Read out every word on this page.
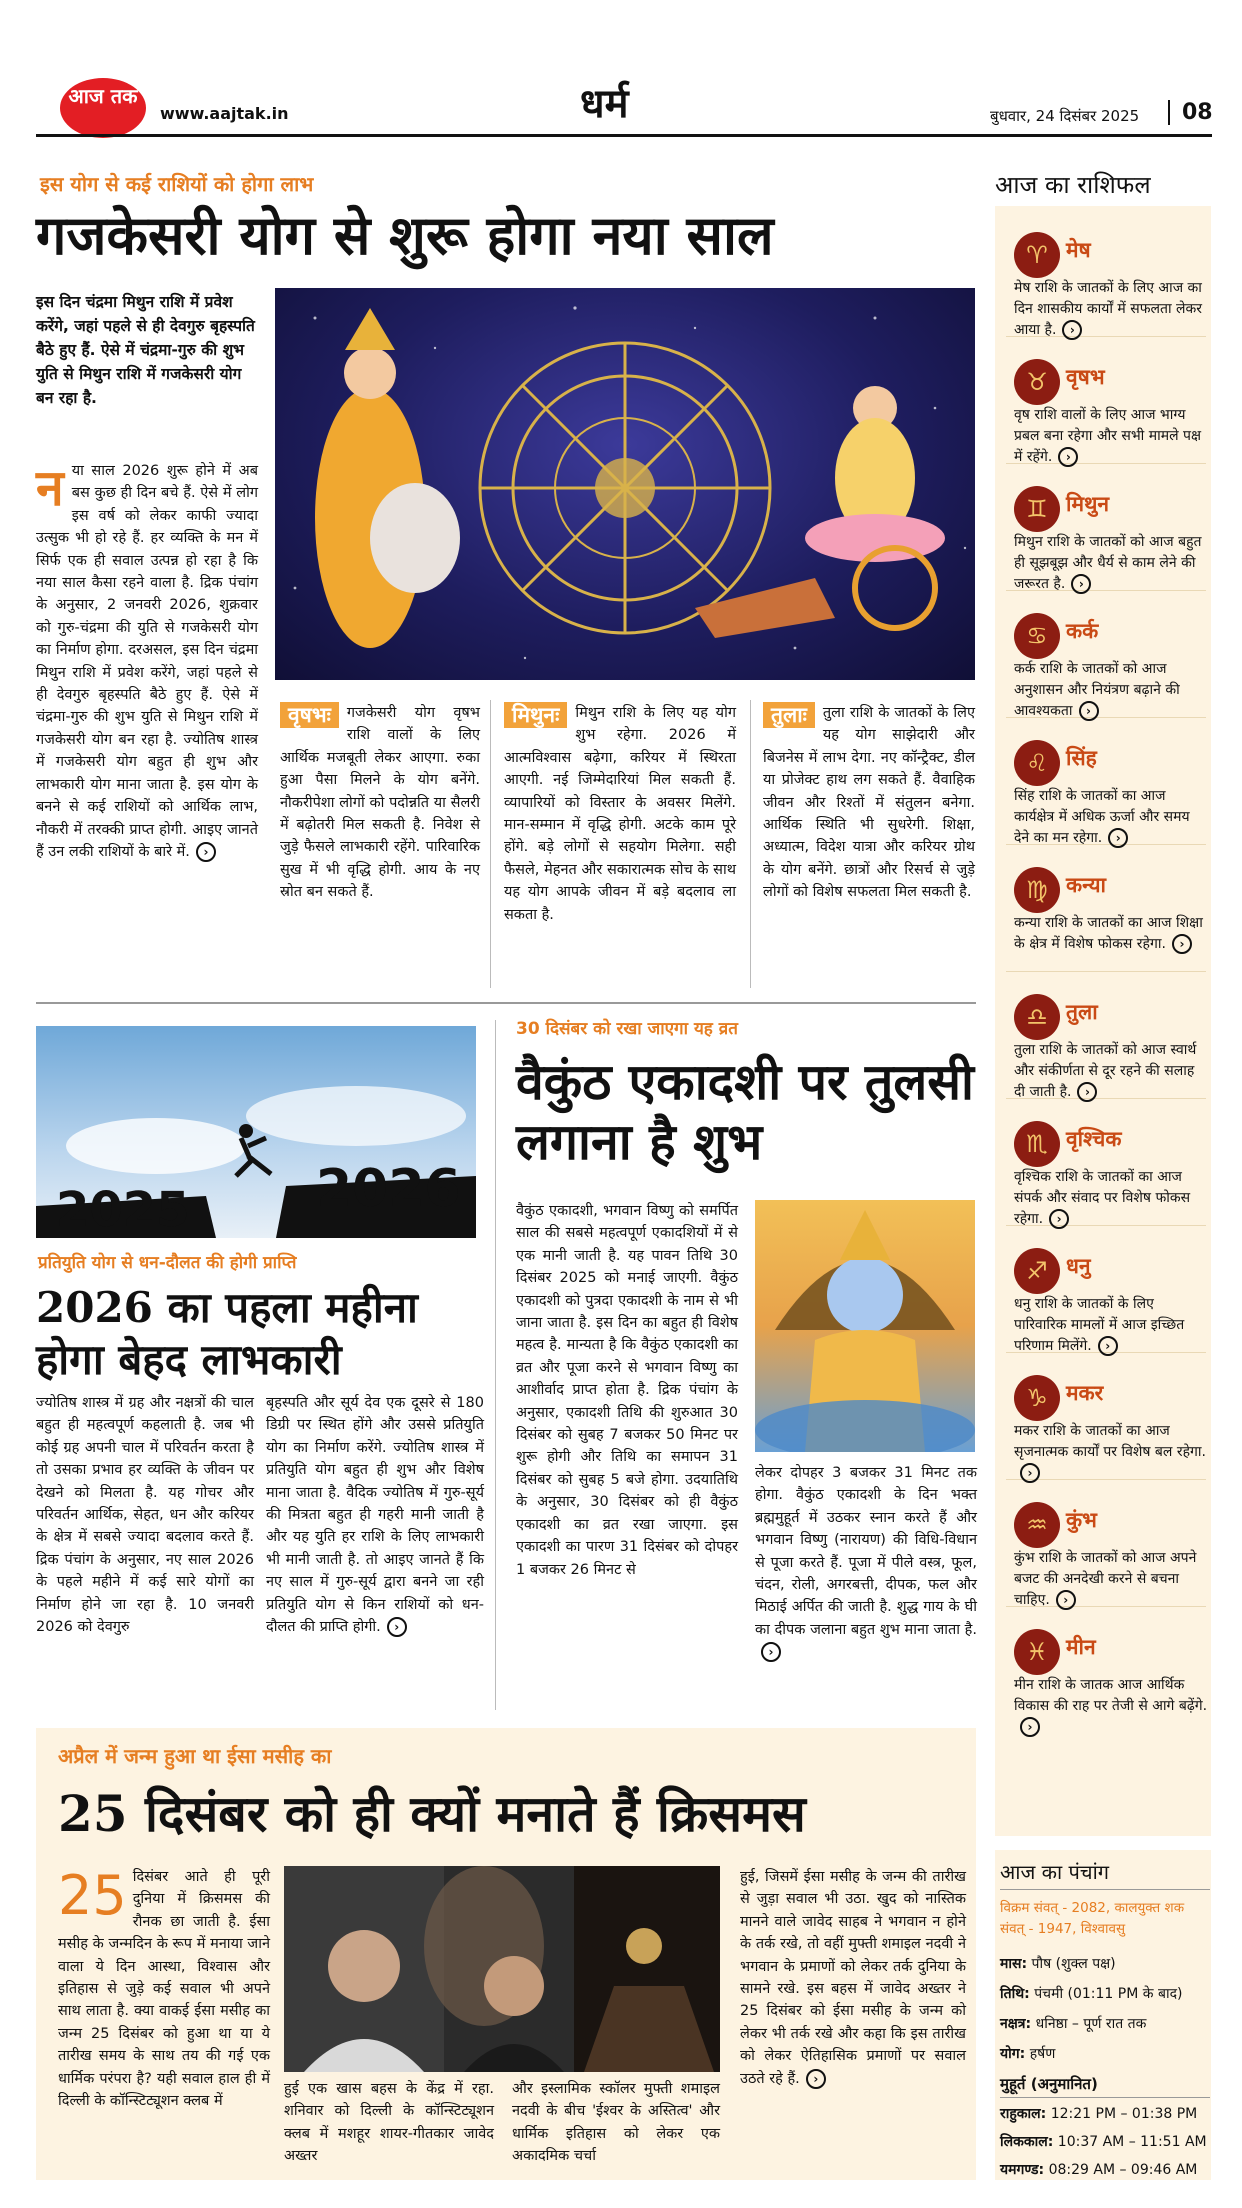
आज तक
www.aajtak.in	धर्म	बुधवार, 24 दिसंबर 2025	08
इस योग से कई राशियों को होगा लाभ
गजकेसरी योग से शुरू होगा नया साल
इस दिन चंद्रमा मिथुन राशि में प्रवेश करेंगे, जहां पहले से ही देवगुरु बृहस्पति बैठे हुए हैं. ऐसे में चंद्रमा-गुरु की शुभ युति से मिथुन राशि में गजकेसरी योग बन रहा है.
न या साल 2026 शुरू होने में अब बस कुछ ही दिन बचे हैं. ऐसे में लोग इस वर्ष को लेकर काफी ज्यादा उत्सुक भी हो रहे हैं. हर व्यक्ति के मन में सिर्फ एक ही सवाल उत्पन्न हो रहा है कि नया साल कैसा रहने वाला है. द्रिक पंचांग के अनुसार, 2 जनवरी 2026, शुक्रवार को गुरु-चंद्रमा की युति से गजकेसरी योग का निर्माण होगा. दरअसल, इस दिन चंद्रमा मिथुन राशि में प्रवेश करेंगे, जहां पहले से ही देवगुरु बृहस्पति बैठे हुए हैं. ऐसे में चंद्रमा-गुरु की शुभ युति से मिथुन राशि में गजकेसरी योग बन रहा है. ज्योतिष शास्त्र में गजकेसरी योग बहुत ही शुभ और लाभकारी योग माना जाता है. इस योग के बनने से कई राशियों को आर्थिक लाभ, नौकरी में तरक्की प्राप्त होगी. आइए जानते हैं उन लकी राशियों के बारे में. ›
वृषभः	गजकेसरी योग वृषभ राशि वालों के लिए आर्थिक मजबूती लेकर आएगा. रुका हुआ पैसा मिलने के योग बनेंगे. नौकरीपेशा लोगों को पदोन्नति या सैलरी में बढ़ोतरी मिल सकती है. निवेश से जुड़े फैसले लाभकारी रहेंगे. पारिवारिक सुख में भी वृद्धि होगी. आय के नए स्रोत बन सकते हैं.
मिथुनः	मिथुन राशि के लिए यह योग शुभ रहेगा. 2026 में आत्मविश्वास बढ़ेगा, करियर में स्थिरता आएगी. नई जिम्मेदारियां मिल सकती हैं. व्यापारियों को विस्तार के अवसर मिलेंगे. मान-सम्मान में वृद्धि होगी. अटके काम पूरे होंगे. बड़े लोगों से सहयोग मिलेगा. सही फैसले, मेहनत और सकारात्मक सोच के साथ यह योग आपके जीवन में बड़े बदलाव ला सकता है.
तुलाः	तुला राशि के जातकों के लिए यह योग साझेदारी और बिजनेस में लाभ देगा. नए कॉन्ट्रैक्ट, डील या प्रोजेक्ट हाथ लग सकते हैं. वैवाहिक जीवन और रिश्तों में संतुलन बनेगा. आर्थिक स्थिति भी सुधरेगी. शिक्षा, अध्यात्म, विदेश यात्रा और करियर ग्रोथ के योग बनेंगे. छात्रों और रिसर्च से जुड़े लोगों को विशेष सफलता मिल सकती है.
2025 2026
प्रतियुति योग से धन-दौलत की होगी प्राप्ति
2026 का पहला महीना होगा बेहद लाभकारी
ज्योतिष शास्त्र में ग्रह और नक्षत्रों की चाल बहुत ही महत्वपूर्ण कहलाती है. जब भी कोई ग्रह अपनी चाल में परिवर्तन करता है तो उसका प्रभाव हर व्यक्ति के जीवन पर देखने को मिलता है. यह गोचर और परिवर्तन आर्थिक, सेहत, धन और करियर के क्षेत्र में सबसे ज्यादा बदलाव करते हैं. द्रिक पंचांग के अनुसार, नए साल 2026 के पहले महीने में कई सारे योगों का निर्माण होने जा रहा है. 10 जनवरी 2026 को देवगुरु
बृहस्पति और सूर्य देव एक दूसरे से 180 डिग्री पर स्थित होंगे और उससे प्रतियुति योग का निर्माण करेंगे. ज्योतिष शास्त्र में प्रतियुति योग बहुत ही शुभ और विशेष माना जाता है. वैदिक ज्योतिष में गुरु-सूर्य की मित्रता बहुत ही गहरी मानी जाती है और यह युति हर राशि के लिए लाभकारी भी मानी जाती है. तो आइए जानते हैं कि नए साल में गुरु-सूर्य द्वारा बनने जा रही प्रतियुति योग से किन राशियों को धन-दौलत की प्राप्ति होगी. ›
30 दिसंबर को रखा जाएगा यह व्रत
वैकुंठ एकादशी पर तुलसी लगाना है शुभ
वैकुंठ एकादशी, भगवान विष्णु को समर्पित साल की सबसे महत्वपूर्ण एकादशियों में से एक मानी जाती है. यह पावन तिथि 30 दिसंबर 2025 को मनाई जाएगी. वैकुंठ एकादशी को पुत्रदा एकादशी के नाम से भी जाना जाता है. इस दिन का बहुत ही विशेष महत्व है. मान्यता है कि वैकुंठ एकादशी का व्रत और पूजा करने से भगवान विष्णु का आशीर्वाद प्राप्त होता है. द्रिक पंचांग के अनुसार, एकादशी तिथि की शुरुआत 30 दिसंबर को सुबह 7 बजकर 50 मिनट पर शुरू होगी और तिथि का समापन 31 दिसंबर को सुबह 5 बजे होगा. उदयातिथि के अनुसार, 30 दिसंबर को ही वैकुंठ एकादशी का व्रत रखा जाएगा. इस एकादशी का पारण 31 दिसंबर को दोपहर 1 बजकर 26 मिनट से
लेकर दोपहर 3 बजकर 31 मिनट तक होगा. वैकुंठ एकादशी के दिन भक्त ब्रह्ममुहूर्त में उठकर स्नान करते हैं और भगवान विष्णु (नारायण) की विधि-विधान से पूजा करते हैं. पूजा में पीले वस्त्र, फूल, चंदन, रोली, अगरबत्ती, दीपक, फल और मिठाई अर्पित की जाती है. शुद्ध गाय के घी का दीपक जलाना बहुत शुभ माना जाता है.›
अप्रैल में जन्म हुआ था ईसा मसीह का
25 दिसंबर को ही क्यों मनाते हैं क्रिसमस
25 दिसंबर आते ही पूरी दुनिया में क्रिसमस की रौनक छा जाती है. ईसा मसीह के जन्मदिन के रूप में मनाया जाने वाला ये दिन आस्था, विश्वास और इतिहास से जुड़े कई सवाल भी अपने साथ लाता है. क्या वाकई ईसा मसीह का जन्म 25 दिसंबर को हुआ था या ये तारीख समय के साथ तय की गई एक धार्मिक परंपरा है? यही सवाल हाल ही में दिल्ली के कॉन्स्टिट्यूशन क्लब में
हुई एक खास बहस के केंद्र में रहा. शनिवार को दिल्ली के कॉन्स्टिट्यूशन क्लब में मशहूर शायर-गीतकार जावेद अख्तर
और इस्लामिक स्कॉलर मुफ्ती शमाइल नदवी के बीच 'ईश्वर के अस्तित्व' और धार्मिक इतिहास को लेकर एक अकादमिक चर्चा
हुई, जिसमें ईसा मसीह के जन्म की तारीख से जुड़ा सवाल भी उठा. खुद को नास्तिक मानने वाले जावेद साहब ने भगवान न होने के तर्क रखे, तो वहीं मुफ्ती शमाइल नदवी ने भगवान के प्रमाणों को लेकर तर्क दुनिया के सामने रखे. इस बहस में जावेद अख्तर ने 25 दिसंबर को ईसा मसीह के जन्म को लेकर भी तर्क रखे और कहा कि इस तारीख को लेकर ऐतिहासिक प्रमाणों पर सवाल उठते रहे हैं. ›
आज का राशिफल
♈ मेष
मेष राशि के जातकों के लिए आज का दिन शासकीय कार्यों में सफलता लेकर आया है. ›
♉ वृषभ
वृष राशि वालों के लिए आज भाग्य प्रबल बना रहेगा और सभी मामले पक्ष में रहेंगे. ›
♊ मिथुन
मिथुन राशि के जातकों को आज बहुत ही सूझबूझ और धैर्य से काम लेने की जरूरत है. ›
♋ कर्क
कर्क राशि के जातकों को आज अनुशासन और नियंत्रण बढ़ाने की आवश्यकता ›
♌ सिंह
सिंह राशि के जातकों का आज कार्यक्षेत्र में अधिक ऊर्जा और समय देने का मन रहेगा. ›
♍ कन्या
कन्या राशि के जातकों का आज शिक्षा के क्षेत्र में विशेष फोकस रहेगा. ›
♎ तुला
तुला राशि के जातकों को आज स्वार्थ और संकीर्णता से दूर रहने की सलाह दी जाती है. ›
♏ वृश्चिक
वृश्चिक राशि के जातकों का आज संपर्क और संवाद पर विशेष फोकस रहेगा. ›
♐ धनु
धनु राशि के जातकों के लिए पारिवारिक मामलों में आज इच्छित परिणाम मिलेंगे. ›
♑ मकर
मकर राशि के जातकों का आज सृजनात्मक कार्यों पर विशेष बल रहेगा.›
♒ कुंभ
कुंभ राशि के जातकों को आज अपने बजट की अनदेखी करने से बचना चाहिए. ›
♓ मीन
मीन राशि के जातक आज आर्थिक विकास की राह पर तेजी से आगे बढ़ेंगे.›
आज का पंचांग
विक्रम संवत् - 2082, कालयुक्त शक संवत् - 1947, विश्वावसु
मास: पौष (शुक्ल पक्ष)
तिथि: पंचमी (01:11 PM के बाद)
नक्षत्र: धनिष्ठा – पूर्ण रात तक
योग: हर्षण
मुहूर्त (अनुमानित)
राहुकाल: 12:21 PM – 01:38 PM
लिककाल: 10:37 AM – 11:51 AM
यमगण्ड: 08:29 AM – 09:46 AM
